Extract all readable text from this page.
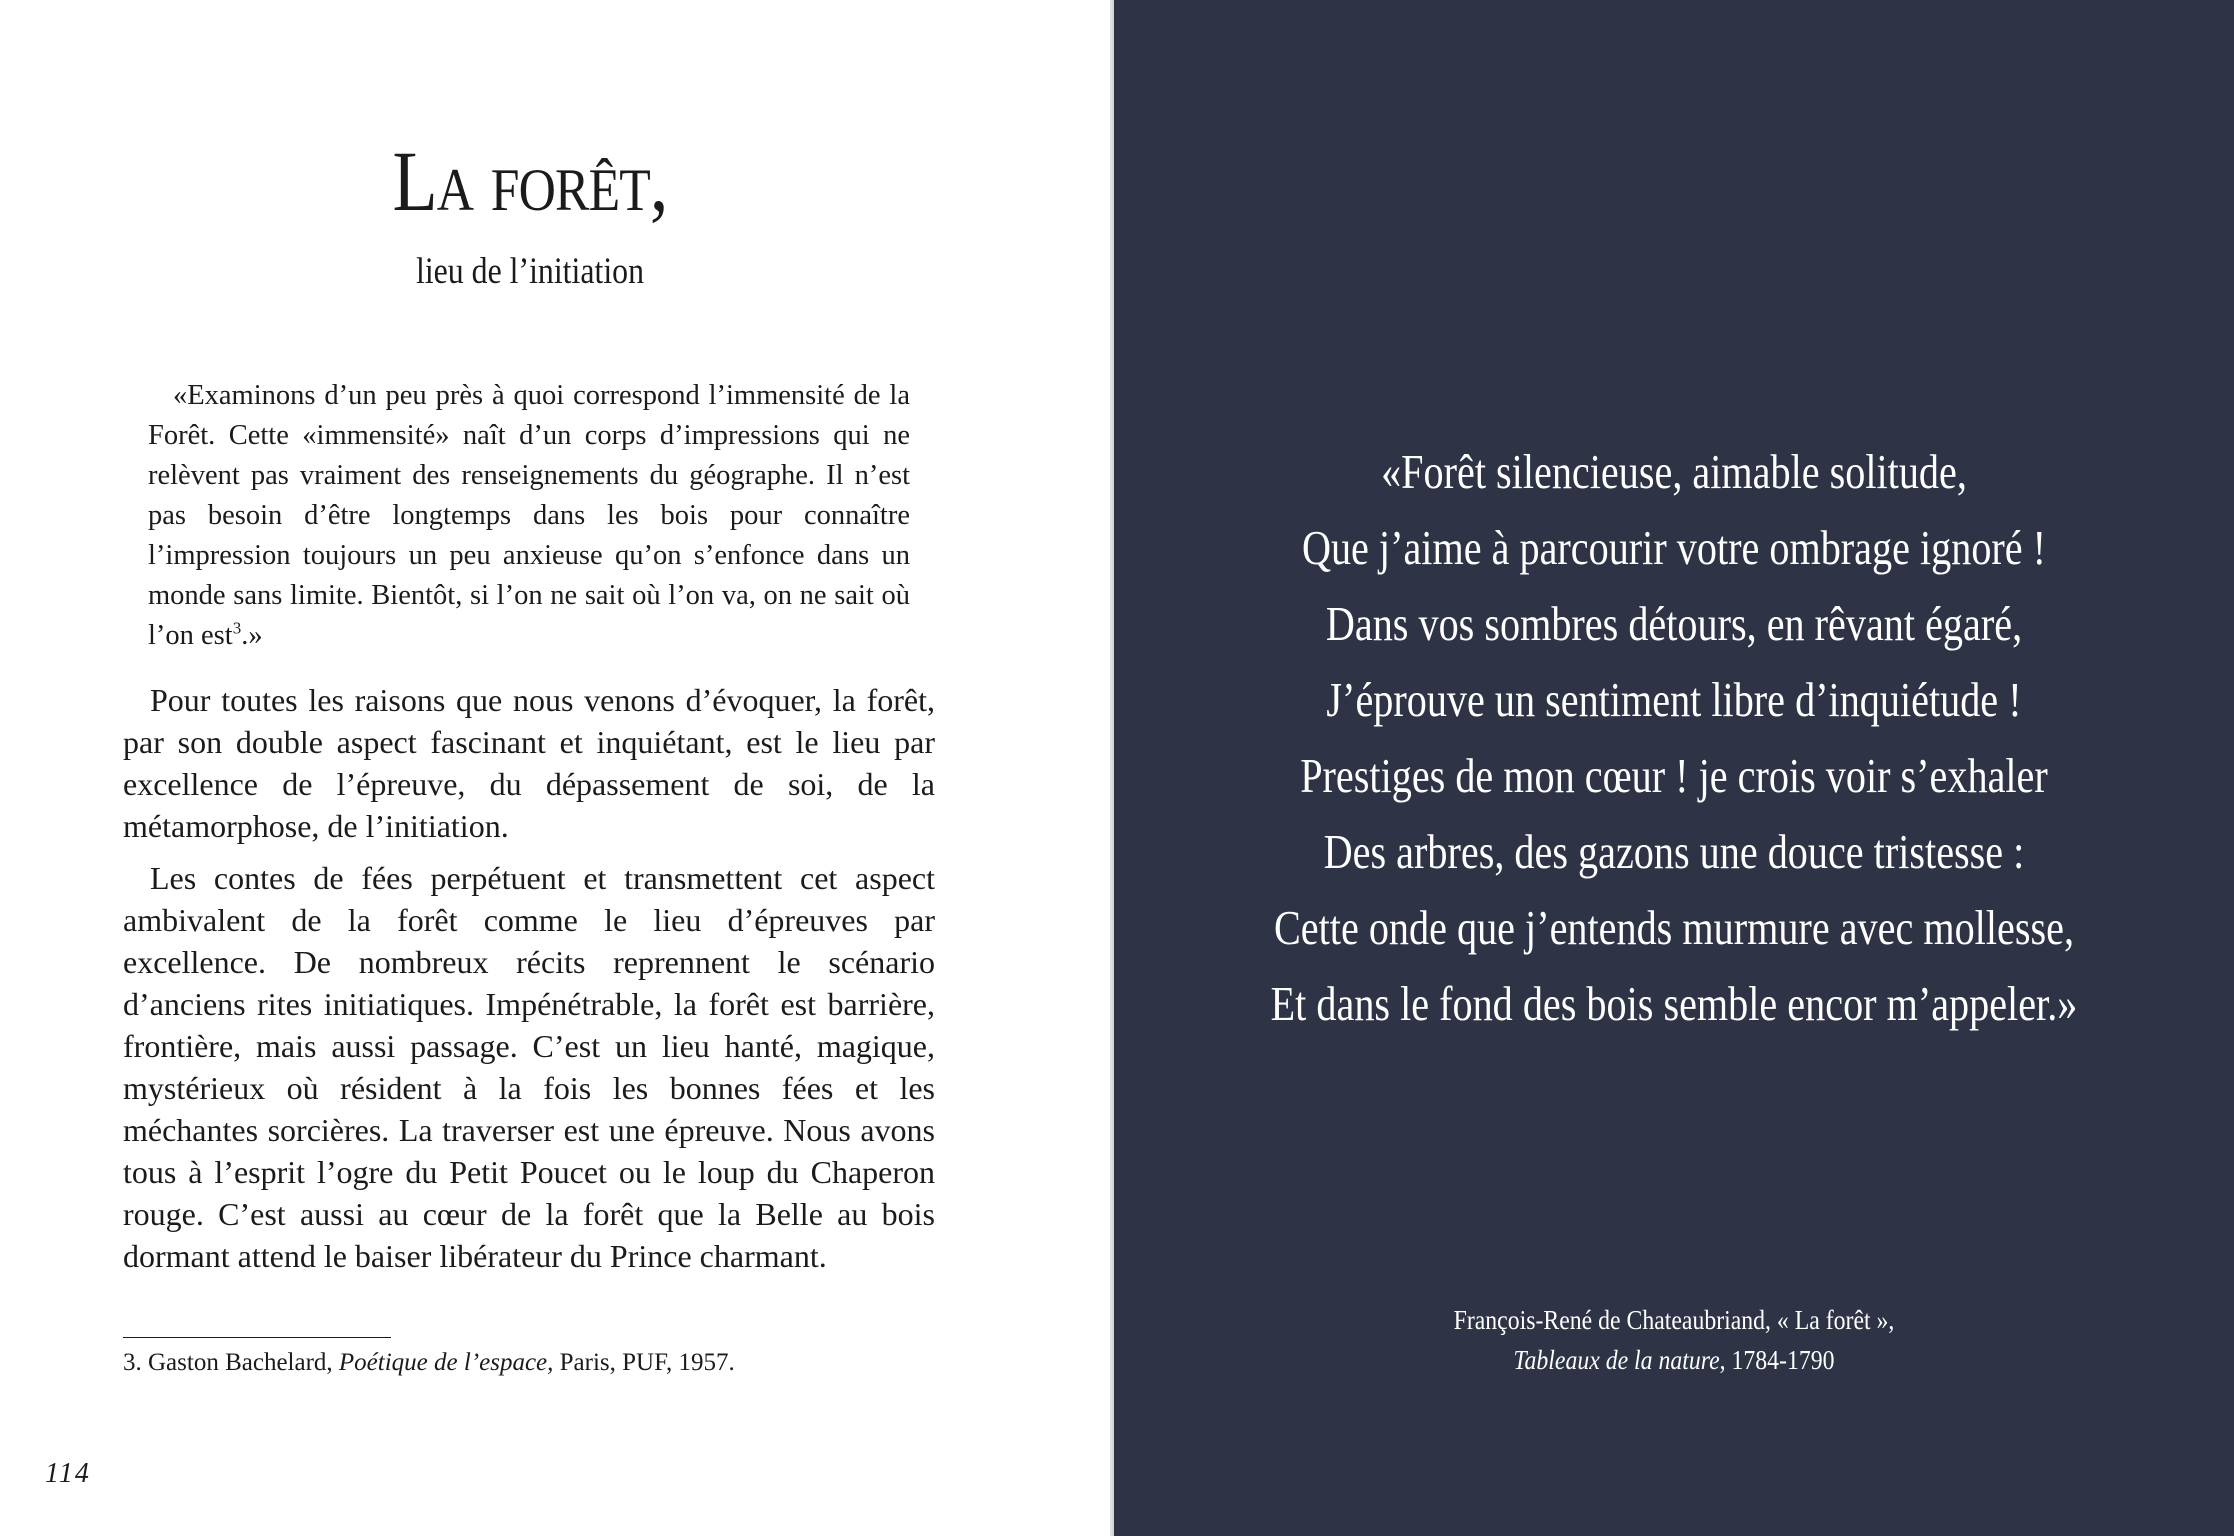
La forêt,
lieu de l’initiation

«Examinons d’un peu près à quoi correspond l’immensité de la Forêt. Cette «immensité» naît d’un corps d’impressions qui ne relèvent pas vraiment des renseignements du géographe. Il n’est pas besoin d’être longtemps dans les bois pour connaître l’impression toujours un peu anxieuse qu’on s’enfonce dans un monde sans limite. Bientôt, si l’on ne sait où l’on va, on ne sait où l’on est$^3$.»

Pour toutes les raisons que nous venons d’évoquer, la forêt, par son double aspect fascinant et inquiétant, est le lieu par excellence de l’épreuve, du dépassement de soi, de la métamorphose, de l’initiation.

Les contes de fées perpétuent et transmettent cet aspect ambivalent de la forêt comme le lieu d’épreuves par excellence. De nombreux récits reprennent le scénario d’anciens rites initiatiques. Impénétrable, la forêt est barrière, frontière, mais aussi passage. C’est un lieu hanté, magique, mystérieux où résident à la fois les bonnes fées et les méchantes sorcières. La traverser est une épreuve. Nous avons tous à l’esprit l’ogre du Petit Poucet ou le loup du Chaperon rouge. C’est aussi au cœur de la forêt que la Belle au bois dormant attend le baiser libérateur du Prince charmant.

3. Gaston Bachelard, Poétique de l’espace, Paris, PUF, 1957.
114
«Forêt silencieuse, aimable solitude,
Que j’aime à parcourir votre ombrage ignoré !
Dans vos sombres détours, en rêvant égaré,
J’éprouve un sentiment libre d’inquiétude !
Prestiges de mon cœur ! je crois voir s’exhaler
Des arbres, des gazons une douce tristesse :
Cette onde que j’entends murmure avec mollesse,
Et dans le fond des bois semble encor m’appeler.»
François-René de Chateaubriand, « La forêt »,
Tableaux de la nature, 1784-1790
